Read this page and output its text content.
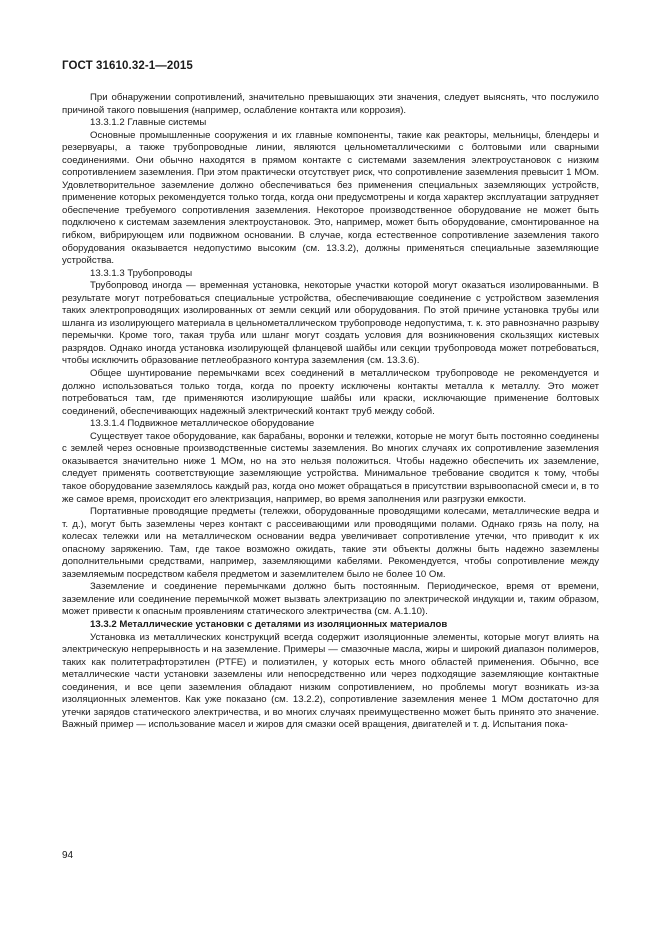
ГОСТ 31610.32-1—2015

При обнаружении сопротивлений, значительно превышающих эти значения, следует выяснять, что послужило причиной такого повышения (например, ослабление контакта или коррозия).

13.3.1.2 Главные системы

Основные промышленные сооружения и их главные компоненты, такие как реакторы, мельницы, блендеры и резервуары, а также трубопроводные линии, являются цельнометаллическими с болтовыми или сварными соединениями. Они обычно находятся в прямом контакте с системами заземления электроустановок с низким сопротивлением заземления. При этом практически отсутствует риск, что сопротивление заземления превысит 1 МОм. Удовлетворительное заземление должно обеспечиваться без применения специальных заземляющих устройств, применение которых рекомендуется только тогда, когда они предусмотрены и когда характер эксплуатации затрудняет обеспечение требуемого сопротивления заземления. Некоторое производственное оборудование не может быть подключено к системам заземления электроустановок. Это, например, может быть оборудование, смонтированное на гибком, вибрирующем или подвижном основании. В случае, когда естественное сопротивление заземления такого оборудования оказывается недопустимо высоким (см. 13.3.2), должны применяться специальные заземляющие устройства.

13.3.1.3 Трубопроводы

Трубопровод иногда — временная установка, некоторые участки которой могут оказаться изолированными. В результате могут потребоваться специальные устройства, обеспечивающие соединение с устройством заземления таких электропроводящих изолированных от земли секций или оборудования. По этой причине установка трубы или шланга из изолирующего материала в цельнометаллическом трубопроводе недопустима, т. к. это равнозначно разрыву перемычки. Кроме того, такая труба или шланг могут создать условия для возникновения скользящих кистевых разрядов. Однако иногда установка изолирующей фланцевой шайбы или секции трубопровода может потребоваться, чтобы исключить образование петлеобразного контура заземления (см. 13.3.6).

Общее шунтирование перемычками всех соединений в металлическом трубопроводе не рекомендуется и должно использоваться только тогда, когда по проекту исключены контакты металла к металлу. Это может потребоваться там, где применяются изолирующие шайбы или краски, исключающие применение болтовых соединений, обеспечивающих надежный электрический контакт труб между собой.

13.3.1.4 Подвижное металлическое оборудование

Существует такое оборудование, как барабаны, воронки и тележки, которые не могут быть постоянно соединены с землей через основные производственные системы заземления. Во многих случаях их сопротивление заземления оказывается значительно ниже 1 МОм, но на это нельзя положиться. Чтобы надежно обеспечить их заземление, следует применять соответствующие заземляющие устройства. Минимальное требование сводится к тому, чтобы такое оборудование заземлялось каждый раз, когда оно может обращаться в присутствии взрывоопасной смеси и, в то же самое время, происходит его электризация, например, во время заполнения или разгрузки емкости.

Портативные проводящие предметы (тележки, оборудованные проводящими колесами, металлические ведра и т. д.), могут быть заземлены через контакт с рассеивающими или проводящими полами. Однако грязь на полу, на колесах тележки или на металлическом основании ведра увеличивает сопротивление утечки, что приводит к их опасному заряжению. Там, где такое возможно ожидать, такие эти объекты должны быть надежно заземлены дополнительными средствами, например, заземляющими кабелями. Рекомендуется, чтобы сопротивление между заземляемым посредством кабеля предметом и заземлителем было не более 10 Ом.

Заземление и соединение перемычками должно быть постоянным. Периодическое, время от времени, заземление или соединение перемычкой может вызвать электризацию по электрической индукции и, таким образом, может привести к опасным проявлениям статического электричества (см. А.1.10).

13.3.2 Металлические установки с деталями из изоляционных материалов

Установка из металлических конструкций всегда содержит изоляционные элементы, которые могут влиять на электрическую непрерывность и на заземление. Примеры — смазочные масла, жиры и широкий диапазон полимеров, таких как политетрафторэтилен (PTFE) и полиэтилен, у которых есть много областей применения. Обычно, все металлические части установки заземлены или непосредственно или через подходящие заземляющие контактные соединения, и все цепи заземления обладают низким сопротивлением, но проблемы могут возникать из-за изоляционных элементов. Как уже показано (см. 13.2.2), сопротивление заземления менее 1 МОм достаточно для утечки зарядов статического электричества, и во многих случаях преимущественно может быть принято это значение. Важный пример — использование масел и жиров для смазки осей вращения, двигателей и т. д. Испытания пока-

94
